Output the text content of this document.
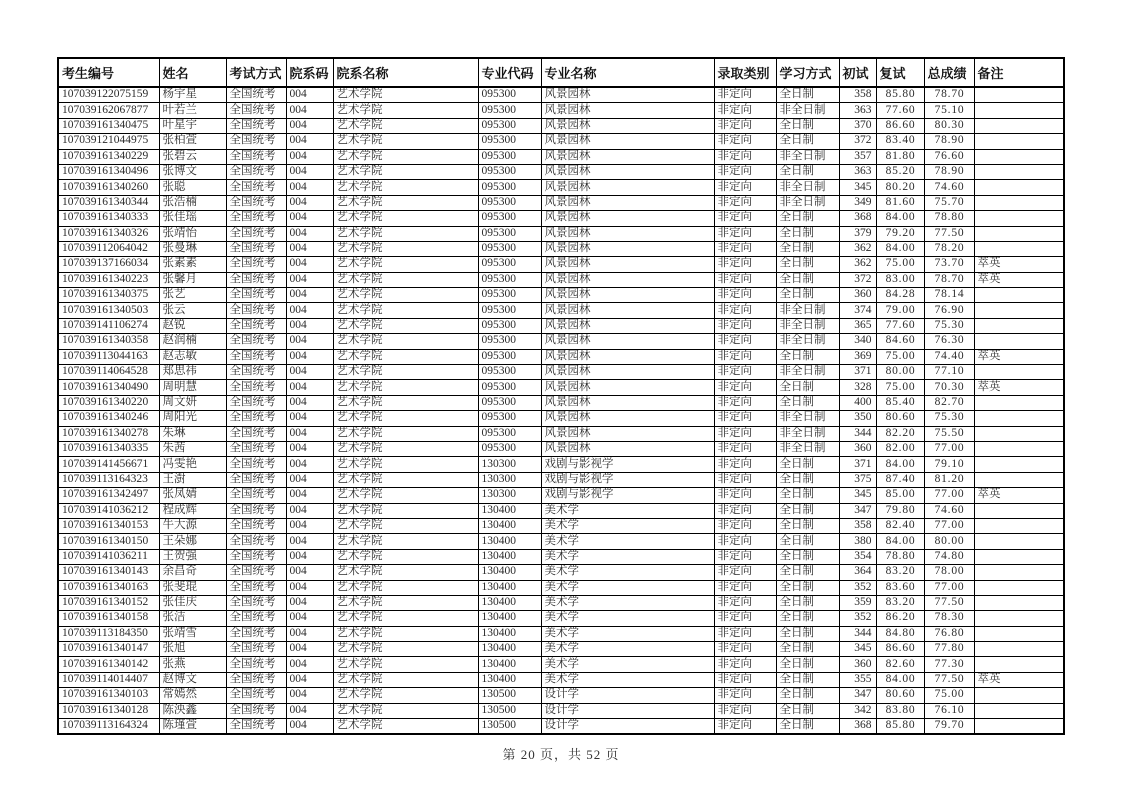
考生编号	姓名	考试方式	院系码	院系名称	专业代码	专业名称	录取类别	学习方式	初试	复试	总成绩	备注
107039122075159	杨宇星	全国统考	004	艺术学院	095300	风景园林	非定向	全日制	358	85.80	78.70	
107039162067877	叶若兰	全国统考	004	艺术学院	095300	风景园林	非定向	非全日制	363	77.60	75.10	
107039161340475	叶星宇	全国统考	004	艺术学院	095300	风景园林	非定向	全日制	370	86.60	80.30	
107039121044975	张柏萱	全国统考	004	艺术学院	095300	风景园林	非定向	全日制	372	83.40	78.90	
107039161340229	张碧云	全国统考	004	艺术学院	095300	风景园林	非定向	非全日制	357	81.80	76.60	
107039161340496	张博文	全国统考	004	艺术学院	095300	风景园林	非定向	全日制	363	85.20	78.90	
107039161340260	张聪	全国统考	004	艺术学院	095300	风景园林	非定向	非全日制	345	80.20	74.60	
107039161340344	张浩楠	全国统考	004	艺术学院	095300	风景园林	非定向	非全日制	349	81.60	75.70	
107039161340333	张佳瑶	全国统考	004	艺术学院	095300	风景园林	非定向	全日制	368	84.00	78.80	
107039161340326	张靖怡	全国统考	004	艺术学院	095300	风景园林	非定向	全日制	379	79.20	77.50	
107039112064042	张曼琳	全国统考	004	艺术学院	095300	风景园林	非定向	全日制	362	84.00	78.20	
107039137166034	张素素	全国统考	004	艺术学院	095300	风景园林	非定向	全日制	362	75.00	73.70	萃英
107039161340223	张馨月	全国统考	004	艺术学院	095300	风景园林	非定向	全日制	372	83.00	78.70	萃英
107039161340375	张艺	全国统考	004	艺术学院	095300	风景园林	非定向	全日制	360	84.28	78.14	
107039161340503	张云	全国统考	004	艺术学院	095300	风景园林	非定向	非全日制	374	79.00	76.90	
107039141106274	赵锐	全国统考	004	艺术学院	095300	风景园林	非定向	非全日制	365	77.60	75.30	
107039161340358	赵润楠	全国统考	004	艺术学院	095300	风景园林	非定向	非全日制	340	84.60	76.30	
107039113044163	赵志敏	全国统考	004	艺术学院	095300	风景园林	非定向	全日制	369	75.00	74.40	萃英
107039114064528	郑思祎	全国统考	004	艺术学院	095300	风景园林	非定向	非全日制	371	80.00	77.10	
107039161340490	周明慧	全国统考	004	艺术学院	095300	风景园林	非定向	全日制	328	75.00	70.30	萃英
107039161340220	周文妍	全国统考	004	艺术学院	095300	风景园林	非定向	全日制	400	85.40	82.70	
107039161340246	周阳光	全国统考	004	艺术学院	095300	风景园林	非定向	非全日制	350	80.60	75.30	
107039161340278	朱琳	全国统考	004	艺术学院	095300	风景园林	非定向	非全日制	344	82.20	75.50	
107039161340335	朱茜	全国统考	004	艺术学院	095300	风景园林	非定向	非全日制	360	82.00	77.00	
107039141456671	冯雯艳	全国统考	004	艺术学院	130300	戏剧与影视学	非定向	全日制	371	84.00	79.10	
107039113164323	王澍	全国统考	004	艺术学院	130300	戏剧与影视学	非定向	全日制	375	87.40	81.20	
107039161342497	张凤婧	全国统考	004	艺术学院	130300	戏剧与影视学	非定向	全日制	345	85.00	77.00	萃英
107039141036212	程成辉	全国统考	004	艺术学院	130400	美术学	非定向	全日制	347	79.80	74.60	
107039161340153	牛大源	全国统考	004	艺术学院	130400	美术学	非定向	全日制	358	82.40	77.00	
107039161340150	王朵娜	全国统考	004	艺术学院	130400	美术学	非定向	全日制	380	84.00	80.00	
107039141036211	王贺强	全国统考	004	艺术学院	130400	美术学	非定向	全日制	354	78.80	74.80	
107039161340143	余昌奇	全国统考	004	艺术学院	130400	美术学	非定向	全日制	364	83.20	78.00	
107039161340163	张斐琨	全国统考	004	艺术学院	130400	美术学	非定向	全日制	352	83.60	77.00	
107039161340152	张佳庆	全国统考	004	艺术学院	130400	美术学	非定向	全日制	359	83.20	77.50	
107039161340158	张洁	全国统考	004	艺术学院	130400	美术学	非定向	全日制	352	86.20	78.30	
107039113184350	张靖雪	全国统考	004	艺术学院	130400	美术学	非定向	全日制	344	84.80	76.80	
107039161340147	张旭	全国统考	004	艺术学院	130400	美术学	非定向	全日制	345	86.60	77.80	
107039161340142	张燕	全国统考	004	艺术学院	130400	美术学	非定向	全日制	360	82.60	77.30	
107039114014407	赵博文	全国统考	004	艺术学院	130400	美术学	非定向	全日制	355	84.00	77.50	萃英
107039161340103	常嫣然	全国统考	004	艺术学院	130500	设计学	非定向	全日制	347	80.60	75.00	
107039161340128	陈泱鑫	全国统考	004	艺术学院	130500	设计学	非定向	全日制	342	83.80	76.10	
107039113164324	陈瑾萱	全国统考	004	艺术学院	130500	设计学	非定向	全日制	368	85.80	79.70	
第 20 页，共 52 页
